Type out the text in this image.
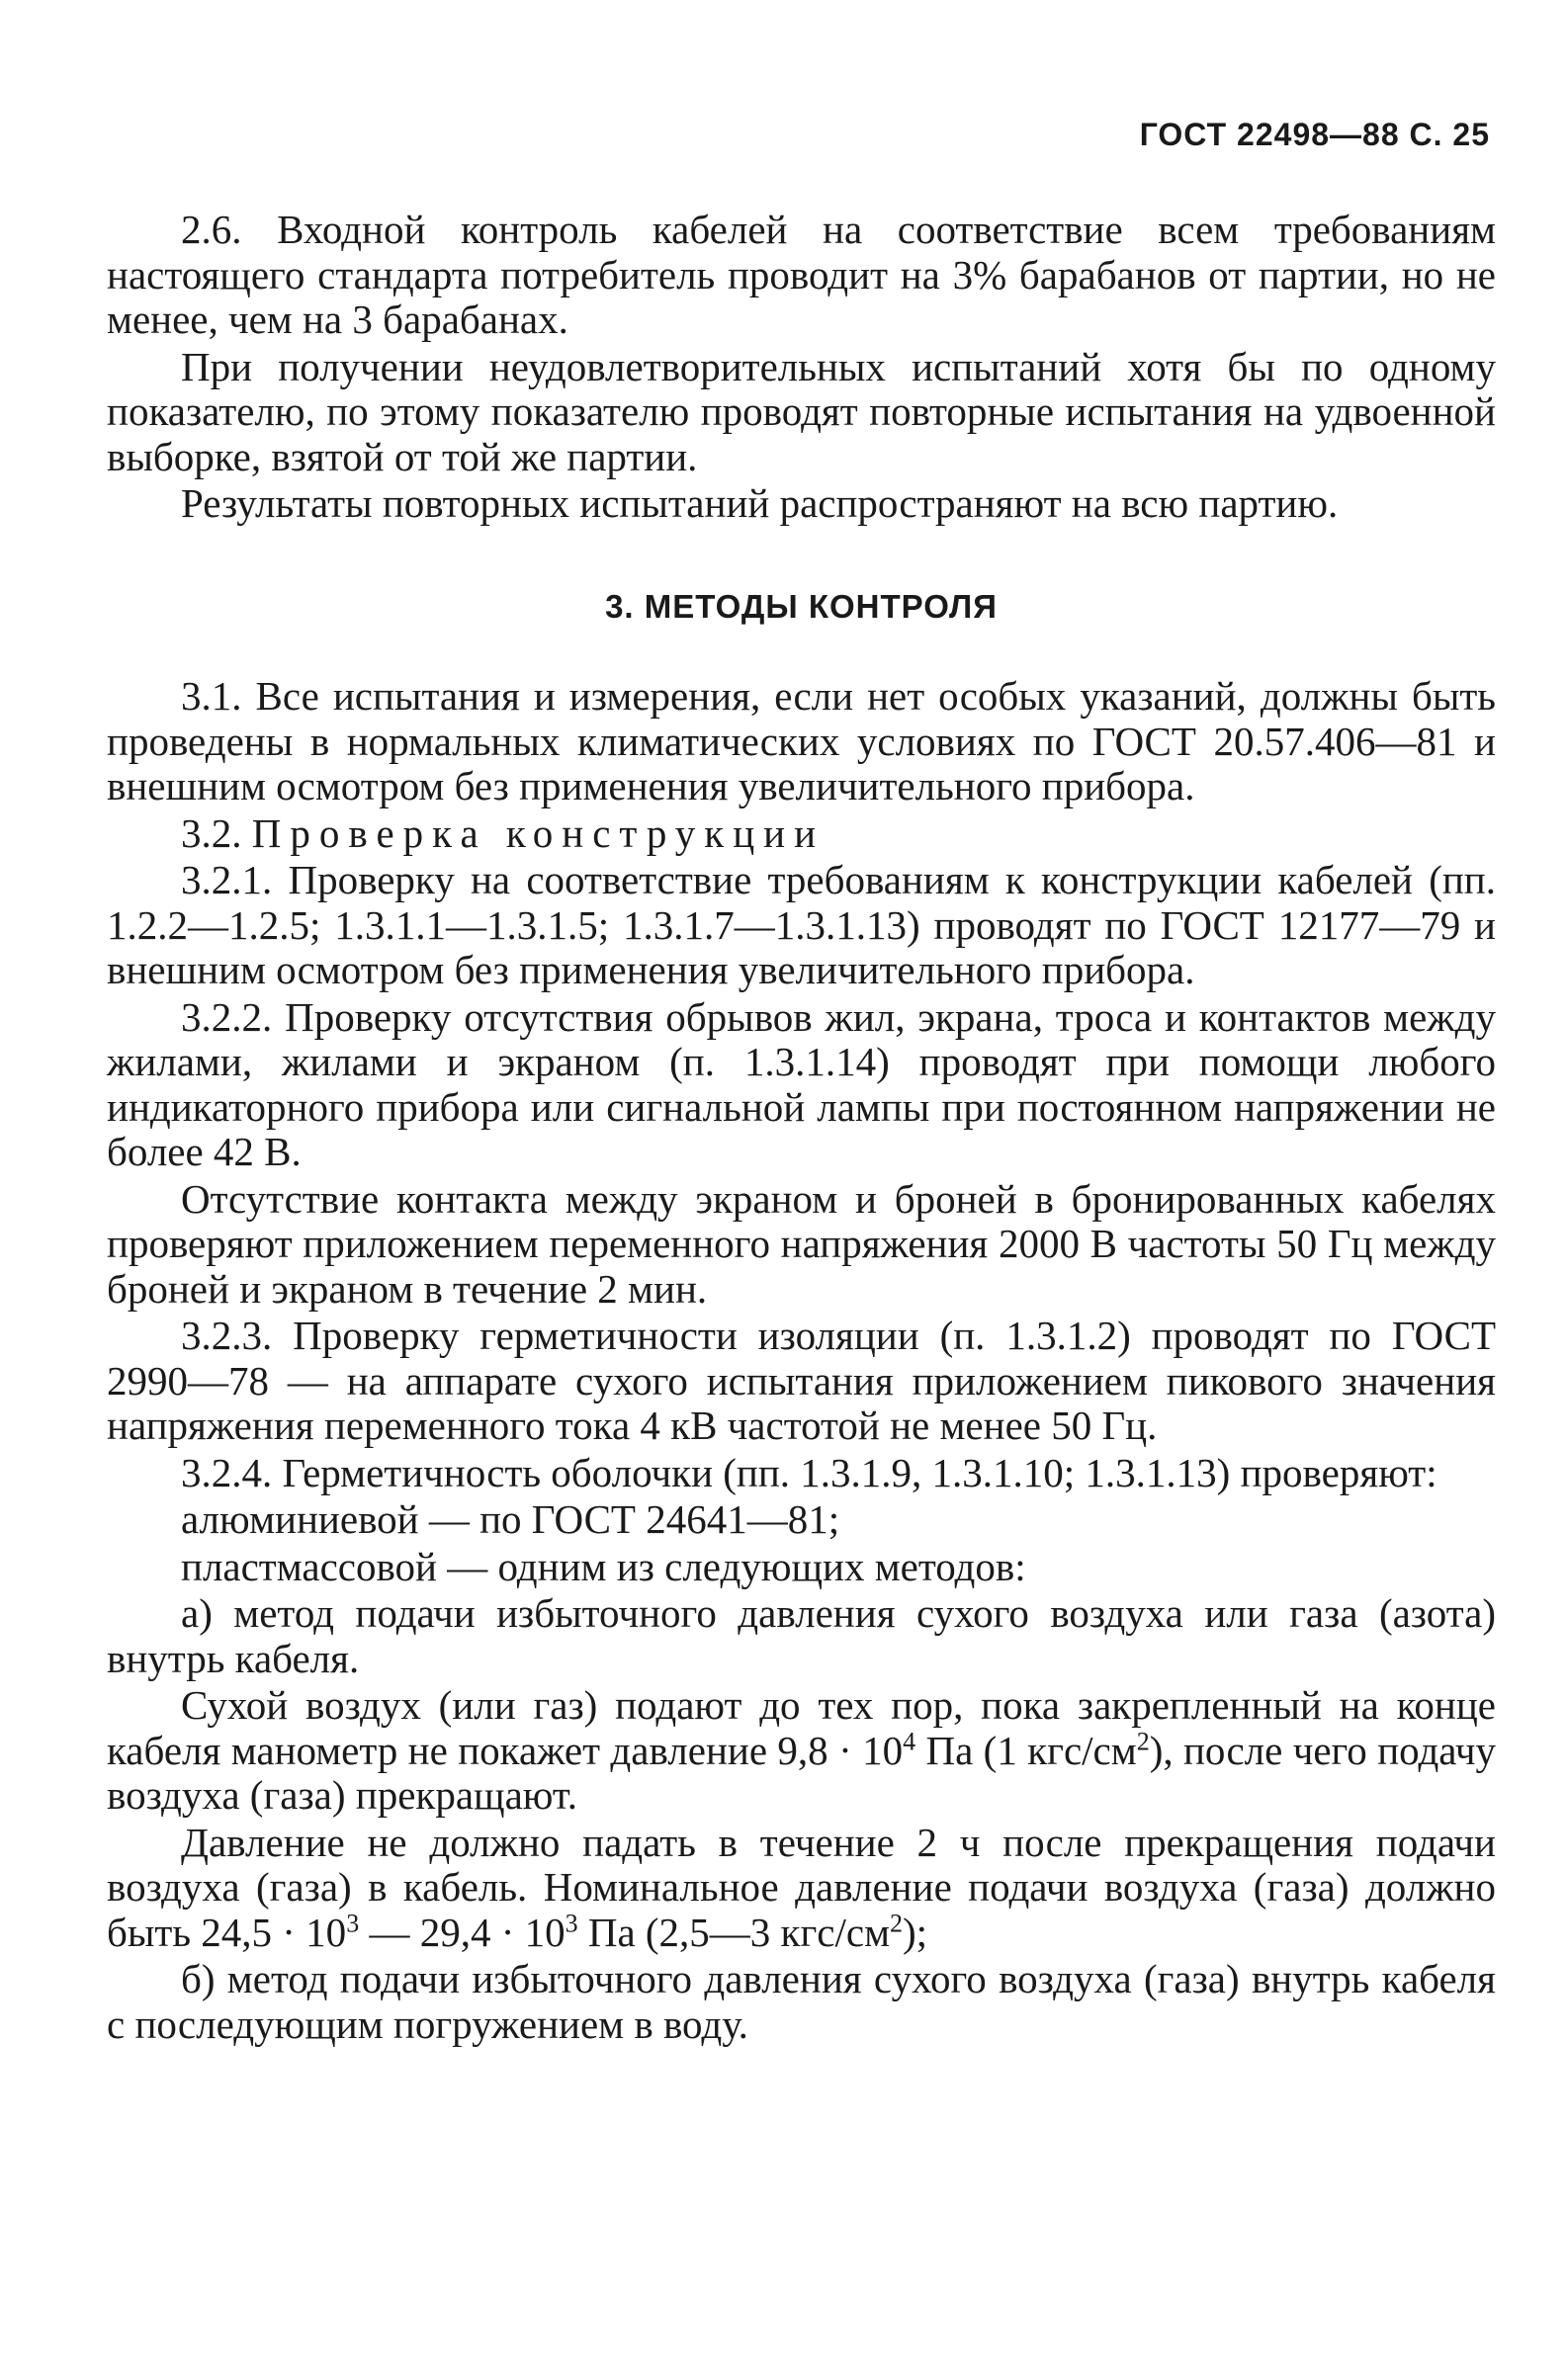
ГОСТ 22498—88 С. 25

2.6. Входной контроль кабелей на соответствие всем требованиям настоящего стандарта потребитель проводит на 3% барабанов от партии, но не менее, чем на 3 барабанах.

При получении неудовлетворительных испытаний хотя бы по одному показателю, по этому показателю проводят повторные испытания на удвоенной выборке, взятой от той же партии.

Результаты повторных испытаний распространяют на всю партию.

3. МЕТОДЫ КОНТРОЛЯ

3.1. Все испытания и измерения, если нет особых указаний, должны быть проведены в нормальных климатических условиях по ГОСТ 20.57.406—81 и внешним осмотром без применения увеличительного прибора.

3.2. Проверка конструкции

3.2.1. Проверку на соответствие требованиям к конструкции кабелей (пп. 1.2.2—1.2.5; 1.3.1.1—1.3.1.5; 1.3.1.7—1.3.1.13) проводят по ГОСТ 12177—79 и внешним осмотром без применения увеличительного прибора.

3.2.2. Проверку отсутствия обрывов жил, экрана, троса и контактов между жилами, жилами и экраном (п. 1.3.1.14) проводят при помощи любого индикаторного прибора или сигнальной лампы при постоянном напряжении не более 42 В.

Отсутствие контакта между экраном и броней в бронированных кабелях проверяют приложением переменного напряжения 2000 В частоты 50 Гц между броней и экраном в течение 2 мин.

3.2.3. Проверку герметичности изоляции (п. 1.3.1.2) проводят по ГОСТ 2990—78 — на аппарате сухого испытания приложением пикового значения напряжения переменного тока 4 кВ частотой не менее 50 Гц.

3.2.4. Герметичность оболочки (пп. 1.3.1.9, 1.3.1.10; 1.3.1.13) проверяют:

алюминиевой — по ГОСТ 24641—81;

пластмассовой — одним из следующих методов:

а) метод подачи избыточного давления сухого воздуха или газа (азота) внутрь кабеля.

Сухой воздух (или газ) подают до тех пор, пока закрепленный на конце кабеля манометр не покажет давление $9,8 \cdot 10^4$ Па (1 кгс/$см^2$), после чего подачу воздуха (газа) прекращают.

Давление не должно падать в течение 2 ч после прекращения подачи воздуха (газа) в кабель. Номинальное давление подачи воздуха (газа) должно быть $24,5 \cdot 10^3$ — $29,4 \cdot 10^3$ Па (2,5—3 кгс/$см^2$);

б) метод подачи избыточного давления сухого воздуха (газа) внутрь кабеля с последующим погружением в воду.
